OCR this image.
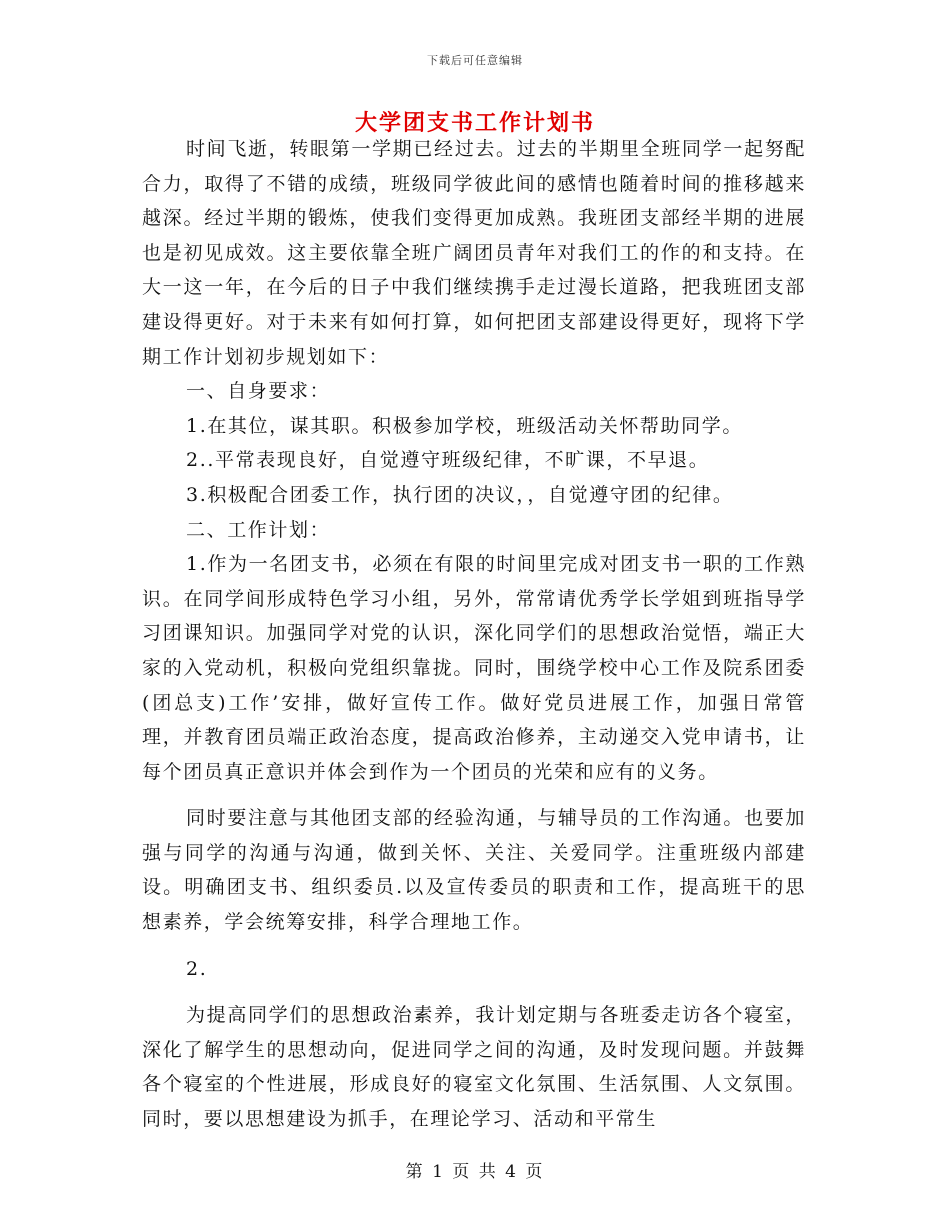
下载后可任意编辑
大学团支书工作计划书

时间飞逝，转眼第一学期已经过去。过去的半期里全班同学一起努配合力，取得了不错的成绩，班级同学彼此间的感情也随着时间的推移越来越深。经过半期的锻炼，使我们变得更加成熟。我班团支部经半期的进展也是初见成效。这主要依靠全班广阔团员青年对我们工的作的和支持。在大一这一年，在今后的日子中我们继续携手走过漫长道路，把我班团支部建设得更好。对于未来有如何打算，如何把团支部建设得更好，现将下学期工作计划初步规划如下：

一、自身要求：

1.在其位，谋其职。积极参加学校，班级活动关怀帮助同学。

2..平常表现良好，自觉遵守班级纪律，不旷课，不早退。

3.积极配合团委工作，执行团的决议，，自觉遵守团的纪律。

二、工作计划：

1.作为一名团支书，必须在有限的时间里完成对团支书一职的工作熟识。在同学间形成特色学习小组，另外，常常请优秀学长学姐到班指导学习团课知识。加强同学对党的认识，深化同学们的思想政治觉悟，端正大家的入党动机，积极向党组织靠拢。同时，围绕学校中心工作及院系团委(团总支)工作’安排，做好宣传工作。做好党员进展工作，加强日常管理，并教育团员端正政治态度，提高政治修养，主动递交入党申请书，让每个团员真正意识并体会到作为一个团员的光荣和应有的义务。

同时要注意与其他团支部的经验沟通，与辅导员的工作沟通。也要加强与同学的沟通与沟通，做到关怀、关注、关爱同学。注重班级内部建设。明确团支书、组织委员.以及宣传委员的职责和工作，提高班干的思想素养，学会统筹安排，科学合理地工作。

2.

为提高同学们的思想政治素养，我计划定期与各班委走访各个寝室，深化了解学生的思想动向，促进同学之间的沟通，及时发现问题。并鼓舞各个寝室的个性进展，形成良好的寝室文化氛围、生活氛围、人文氛围。同时，要以思想建设为抓手，在理论学习、活动和平常生

第 1 页 共 4 页
